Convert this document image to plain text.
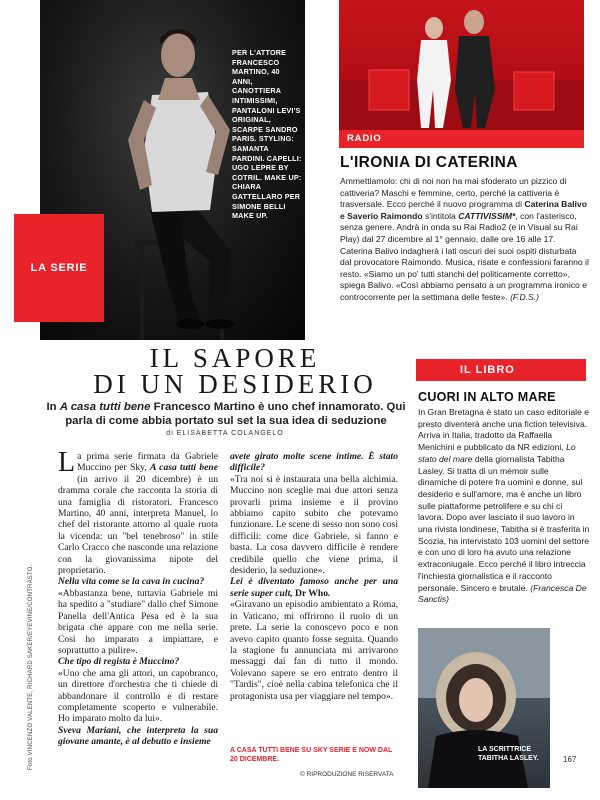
PER L'ATTORE FRANCESCO MARTINO, 40 ANNI, CANOTTIERA INTIMISSIMI, PANTALONI LEVI'S ORIGINAL, SCARPE SANDRO PARIS. STYLING: SAMANTA PARDINI. CAPELLI: UGO LEPRE BY COTRIL. MAKE UP: CHIARA GATTELLARO PER SIMONE BELLI MAKE UP.
LA SERIE
RADIO
L'IRONIA DI CATERINA
Ammettiamolo: chi di noi non ha mai sfoderato un pizzico di cattiveria? Maschi e femmine, certo, perché la cattiveria è trasversale. Ecco perché il nuovo programma di Caterina Balivo e Saverio Raimondo s'intitola CATTIVISSIM*, con l'asterisco, senza genere. Andrà in onda su Rai Radio2 (e in Visual su Rai Play) dal 27 dicembre al 1° gennaio, dalle ore 16 alle 17. Caterina Balivo indagherà i lati oscuri dei suoi ospiti disturbata dal provocatore Raimondo. Musica, risate e confessioni faranno il resto. «Siamo un po' tutti stanchi del politicamente corretto», spiega Balivo. «Così abbiamo pensato a un programma ironico e controcorrente per la settimana delle feste». (F.D.S.)
IL SAPORE
DI UN DESIDERIO
In A casa tutti bene Francesco Martino è uno chef innamorato. Qui parla di come abbia portato sul set la sua idea di seduzione
di ELISABETTA COLANGELO
La prima serie firmata da Gabriele Muccino per Sky, A casa tutti bene (in arrivo il 20 dicembre) è un dramma corale che racconta la storia di una famiglia di ristoratori. Francesco Martino, 40 anni, interpreta Manuel, lo chef del ristorante attorno al quale ruota la vicenda: un "bel tenebroso" in stile Carlo Cracco che nasconde una relazione con la giovanissima nipote del proprietario.
Nella vita come se la cava in cucina?
«Abbastanza bene, tuttavia Gabriele mi ha spedito a "studiare" dallo chef Simone Panella dell'Antica Pesa ed è la sua brigata che appare con me nella serie. Così ho imparato a impiattare, e soprattutto a pulire».
Che tipo di regista è Muccino?
«Uno che ama gli attori, un capobranco, un direttore d'orchestra che ti chiede di abbandonare il controllo e di restare completamente scoperto e vulnerabile. Ho imparato molto da lui».
Sveva Mariani, che interpreta la sua giovane amante, è al debutto e insieme
avete girato molte scene intime. È stato difficile?
«Tra noi si è instaurata una bella alchimia. Muccino non sceglie mai due attori senza provarli prima insieme e il provino abbiamo capito subito che potevamo funzionare. Le scene di sesso non sono così difficili: come dice Gabriele, si fanno e basta. La cosa davvero difficile è rendere credibile quello che viene prima, il desiderio, la seduzione».
Lei è diventato famoso anche per una serie super cult, Dr Who.
«Giravano un episodio ambientato a Roma, in Vaticano, mi offrirono il ruolo di un prete. La serie la conoscevo poco e non avevo capito quanto fosse seguita. Quando la stagione fu annunciata mi arrivarono messaggi dai fan di tutto il mondo. Volevano sapere se ero entrato dentro il "Tardis", cioè nella cabina telefonica che il protagonista usa per viaggiare nel tempo».
A CASA TUTTI BENE SU SKY SERIE E NOW DAL 20 DICEMBRE.
© RIPRODUZIONE RISERVATA
Foto VINCENZO VALENTE, RICHARD SAKER/EYEVINE/CONTRASTO.
IL LIBRO
CUORI IN ALTO MARE
In Gran Bretagna è stato un caso editoriale e presto diventerà anche una fiction televisiva. Arriva in Italia, tradotto da Raffaella Menichini e pubblicato da NR edizioni, Lo stato del mare della giornalista Tabitha Lasley. Si tratta di un mémoir sulle dinamiche di potere fra uomini e donne, sul desiderio e sull'amore, ma è anche un libro sulle piattaforme petrolifere e su chi ci lavora. Dopo aver lasciato il suo lavoro in una rivista londinese, Tabitha si è trasferita in Scozia, ha intervistato 103 uomini del settore e con uno di loro ha avuto una relazione extraconiugale. Ecco perché il libro intreccia l'inchiesta giornalistica e il racconto personale. Sincero e brutale. (Francesca De Sanctis)
LA SCRITTRICE TABITHA LASLEY.	167
